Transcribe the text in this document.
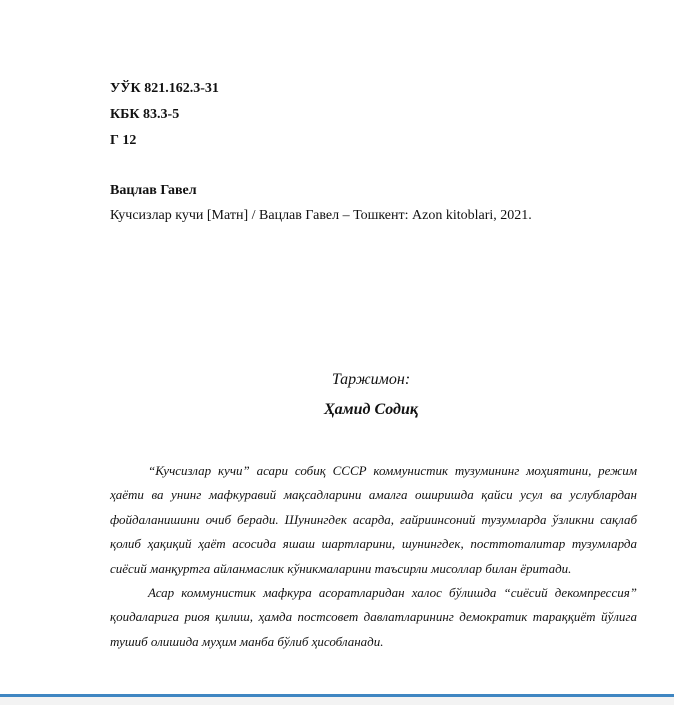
УЎК 821.162.3-31
КБК 83.3-5
Г 12
Вацлав Гавел
Кучсизлар кучи [Матн] / Вацлав Гавел – Тошкент: Azon kitoblari, 2021.
Таржимон:
Ҳамид Содиқ

“Кучсизлар кучи” асари собиқ СССР коммунистик тузумининг моҳиятини, режим ҳаёти ва унинг мафкуравий мақсадларини амалга оширишда қайси усул ва услублардан фойдаланишини очиб беради. Шунингдек асарда, ғайриинсоний тузумларда ўзликни сақлаб қолиб ҳақиқий ҳаёт асосида яшаш шартларини, шунингдек, посттоталитар тузумларда сиёсий манқуртга айланмаслик кўникмаларини таъсирли мисоллар билан ёритади.

Асар коммунистик мафкура асоратларидан халос бўлишда “сиёсий декомпрессия” қоидаларига риоя қилиш, ҳамда постсовет давлатларининг демократик тараққиёт йўлига тушиб олишида муҳим манба бўлиб ҳисобланади.
